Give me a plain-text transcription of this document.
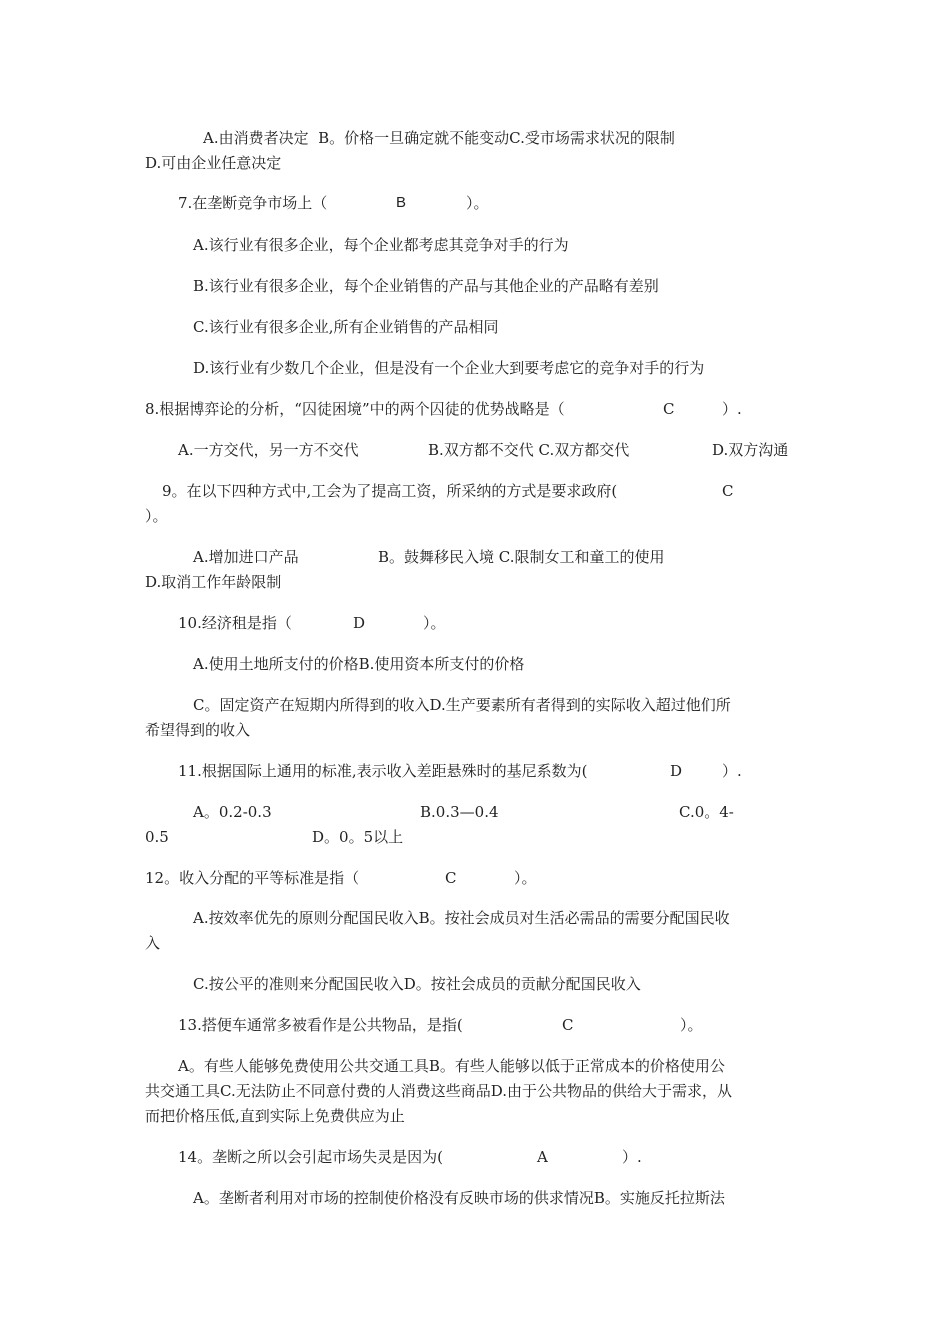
A.由消费者决定  B。价格一旦确定就不能变动C.受市场需求状况的限制
D.可由企业任意决定
7.在垄断竞争市场上（	B	）。
A.该行业有很多企业，每个企业都考虑其竞争对手的行为
B.该行业有很多企业，每个企业销售的产品与其他企业的产品略有差别
C.该行业有很多企业,所有企业销售的产品相同
D.该行业有少数几个企业，但是没有一个企业大到要考虑它的竞争对手的行为
8.根据博弈论的分析，“囚徒困境”中的两个囚徒的优势战略是（	C	）.
A.一方交代，另一方不交代	B.双方都不交代 C.双方都交代	D.双方沟通
9。在以下四种方式中,工会为了提高工资，所采纳的方式是要求政府(	C
）。
A.增加进口产品	B。鼓舞移民入境 C.限制女工和童工的使用
D.取消工作年龄限制
10.经济租是指（	D	）。
A.使用土地所支付的价格B.使用资本所支付的价格
C。固定资产在短期内所得到的收入D.生产要素所有者得到的实际收入超过他们所
希望得到的收入
11.根据国际上通用的标准,表示收入差距悬殊时的基尼系数为(	D	）.
A。0.2-0.3	B.0.3—0.4	C.0。4-
0.5	D。0。5以上
12。收入分配的平等标准是指（	C	）。
A.按效率优先的原则分配国民收入B。按社会成员对生活必需品的需要分配国民收
入
C.按公平的准则来分配国民收入D。按社会成员的贡献分配国民收入
13.搭便车通常多被看作是公共物品，是指(	C	）。
A。有些人能够免费使用公共交通工具B。有些人能够以低于正常成本的价格使用公
共交通工具C.无法防止不同意付费的人消费这些商品D.由于公共物品的供给大于需求，从
而把价格压低,直到实际上免费供应为止
14。垄断之所以会引起市场失灵是因为(	A	）.
A。垄断者利用对市场的控制使价格没有反映市场的供求情况B。实施反托拉斯法
